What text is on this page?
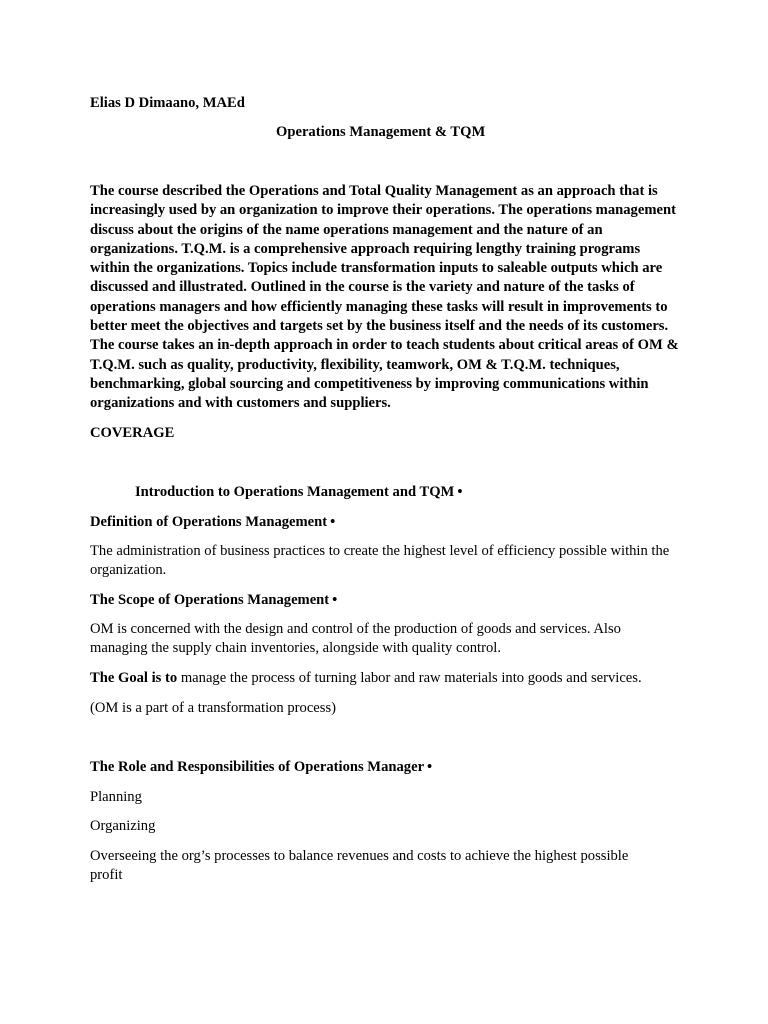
Elias D Dimaano, MAEd

Operations Management & TQM

The course described the Operations and Total Quality Management as an approach that is increasingly used by an organization to improve their operations. The operations management discuss about the origins of the name operations management and the nature of an organizations. T.Q.M. is a comprehensive approach requiring lengthy training programs within the organizations. Topics include transformation inputs to saleable outputs which are discussed and illustrated. Outlined in the course is the variety and nature of the tasks of operations managers and how efficiently managing these tasks will result in improvements to better meet the objectives and targets set by the business itself and the needs of its customers. The course takes an in-depth approach in order to teach students about critical areas of OM & T.Q.M. such as quality, productivity, flexibility, teamwork, OM & T.Q.M. techniques, benchmarking, global sourcing and competitiveness by improving communications within organizations and with customers and suppliers.

COVERAGE

Introduction to Operations Management and TQM •

Definition of Operations Management •

The administration of business practices to create the highest level of efficiency possible within the organization.

The Scope of Operations Management •

OM is concerned with the design and control of the production of goods and services. Also managing the supply chain inventories, alongside with quality control.

The Goal is to manage the process of turning labor and raw materials into goods and services.

(OM is a part of a transformation process)

The Role and Responsibilities of Operations Manager •

Planning

Organizing

Overseeing the org’s processes to balance revenues and costs to achieve the highest possible profit
